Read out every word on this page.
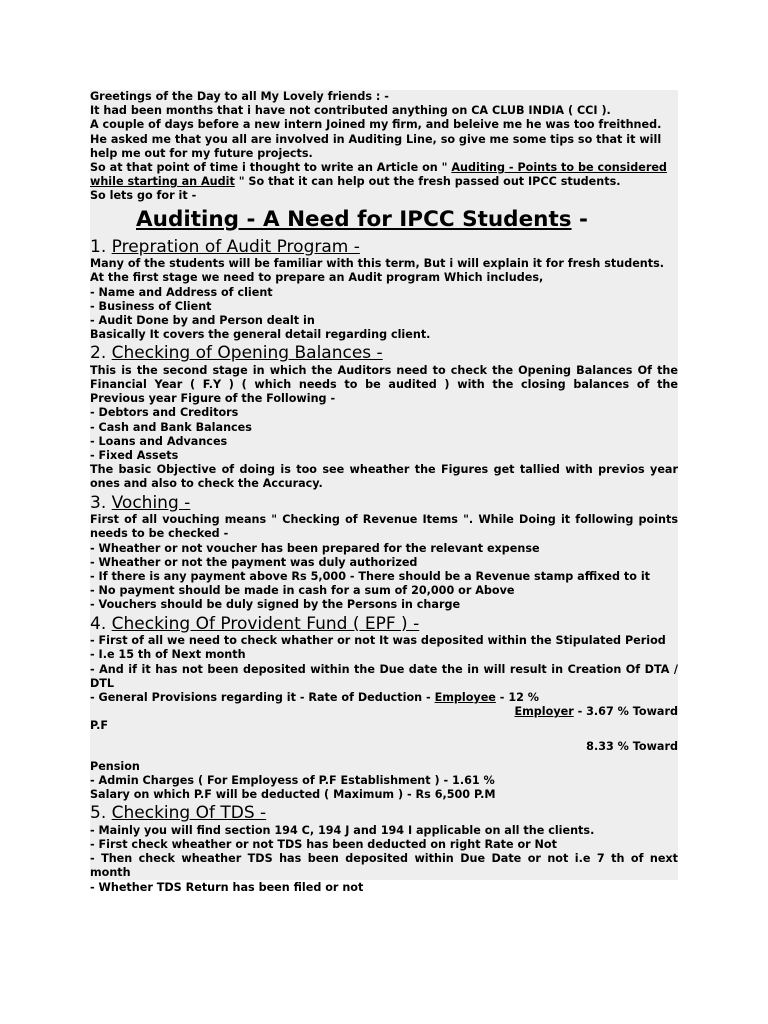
Greetings of the Day to all My Lovely friends : -
It had been months that i have not contributed anything on CA CLUB INDIA ( CCI ).
A couple of days before a new intern Joined my firm, and beleive me he was too freithned.
He asked me that you all are involved in Auditing Line, so give me some tips so that it will
help me out for my future projects.
So at that point of time i thought to write an Article on " Auditing - Points to be considered
while starting an Audit " So that it can help out the fresh passed out IPCC students.
So lets go for it -
Auditing - A Need for IPCC Students -
1. Prepration of Audit Program -
Many of the students will be familiar with this term, But i will explain it for fresh students.
At the first stage we need to prepare an Audit program Which includes,
- Name and Address of client
- Business of Client
- Audit Done by and Person dealt in
Basically It covers the general detail regarding client.
2. Checking of Opening Balances -
This is the second stage in which the Auditors need to check the Opening Balances Of the
Financial Year ( F.Y ) ( which needs to be audited ) with the closing balances of the
Previous year Figure of the Following -
- Debtors and Creditors
- Cash and Bank Balances
- Loans and Advances
- Fixed Assets
The basic Objective of doing is too see wheather the Figures get tallied with previos year
ones and also to check the Accuracy.
3. Voching -
First of all vouching means " Checking of Revenue Items ". While Doing it following points
needs to be checked -
- Wheather or not voucher has been prepared for the relevant expense
- Wheather or not the payment was duly authorized
- If there is any payment above Rs 5,000 - There should be a Revenue stamp affixed to it
- No payment should be made in cash for a sum of 20,000 or Above
- Vouchers should be duly signed by the Persons in charge
4. Checking Of Provident Fund ( EPF ) -
- First of all we need to check whather or not It was deposited within the Stipulated Period
- I.e 15 th of Next month
- And if it has not been deposited within the Due date the in will result in Creation Of DTA /
DTL
- General Provisions regarding it - Rate of Deduction - Employee - 12 %
Employer - 3.67 % Toward
P.F
8.33 % Toward
Pension
- Admin Charges ( For Employess of P.F Establishment ) - 1.61 %
Salary on which P.F will be deducted ( Maximum ) - Rs 6,500 P.M
5. Checking Of TDS -
- Mainly you will find section 194 C, 194 J and 194 I applicable on all the clients.
- First check wheather or not TDS has been deducted on right Rate or Not
- Then check wheather TDS has been deposited within Due Date or not i.e 7 th of next
month
- Whether TDS Return has been filed or not
